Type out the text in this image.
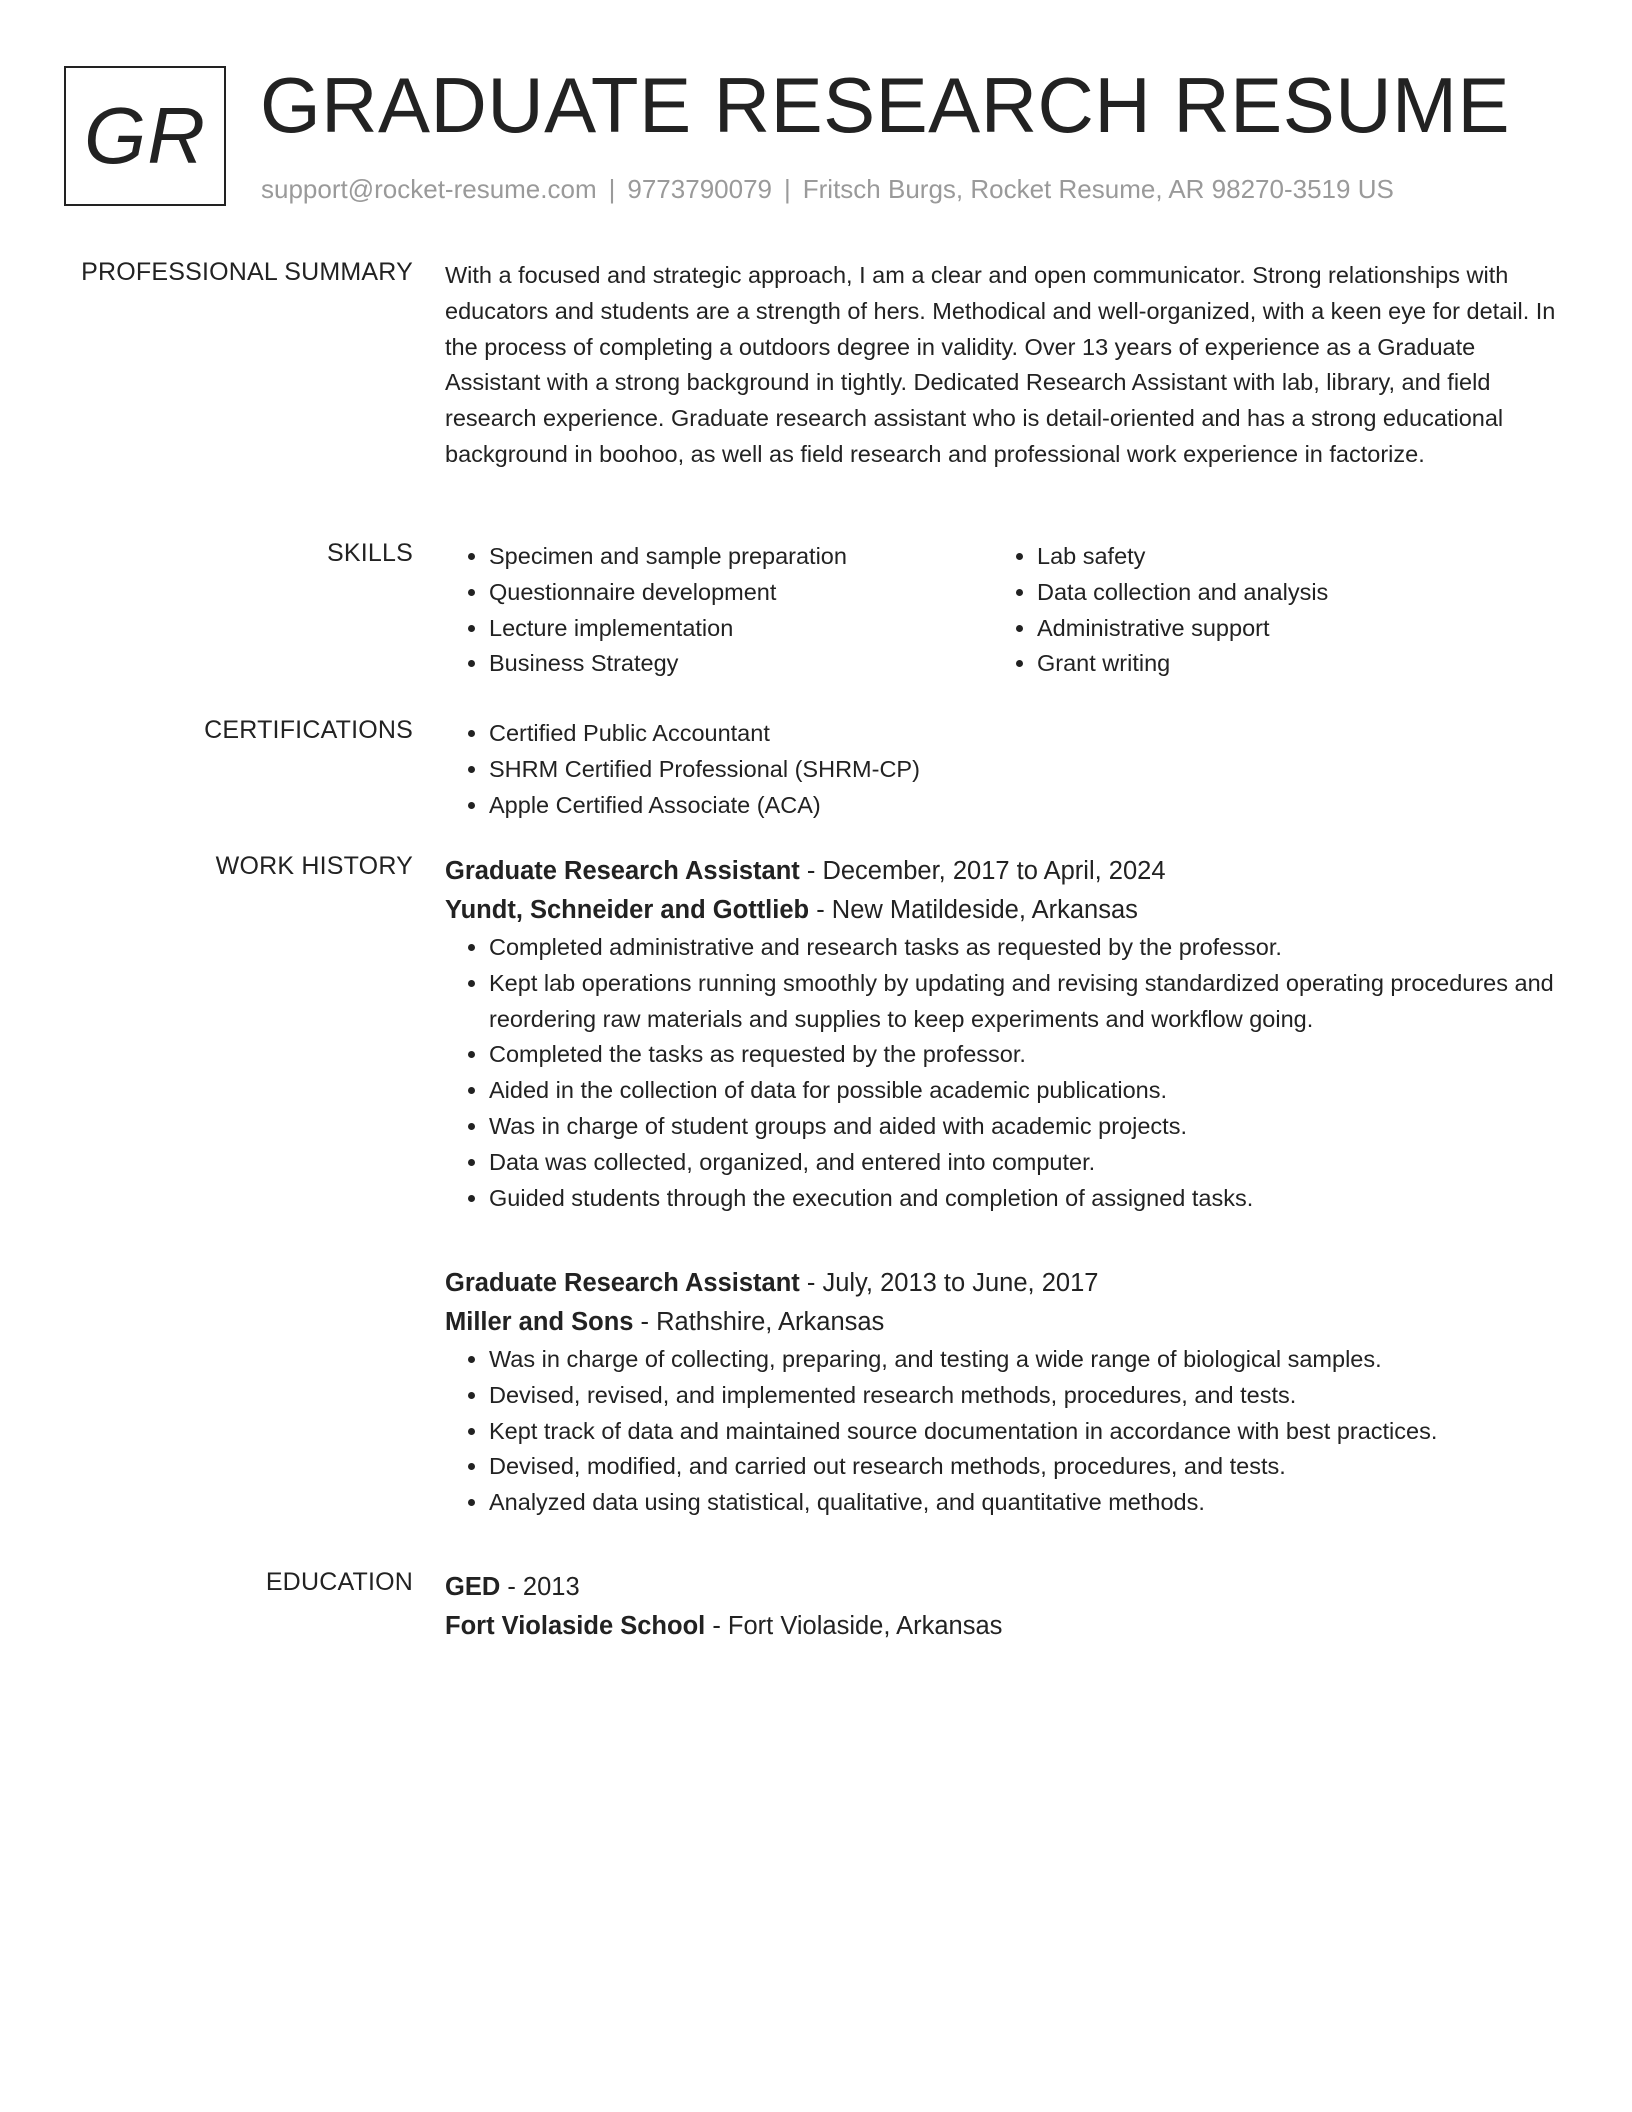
GR GRADUATE RESEARCH RESUME
support@rocket-resume.com | 9773790079 | Fritsch Burgs, Rocket Resume, AR 98270-3519 US
PROFESSIONAL SUMMARY With a focused and strategic approach, I am a clear and open communicator. Strong relationships with educators and students are a strength of hers. Methodical and well-organized, with a keen eye for detail. In the process of completing a outdoors degree in validity. Over 13 years of experience as a Graduate Assistant with a strong background in tightly. Dedicated Research Assistant with lab, library, and field research experience. Graduate research assistant who is detail-oriented and has a strong educational background in boohoo, as well as field research and professional work experience in factorize.

SKILLS	• Specimen and sample preparation
• Questionnaire development
• Lecture implementation
• Business Strategy
• Lab safety
• Data collection and analysis
• Administrative support
• Grant writing
CERTIFICATIONS	• Certified Public Accountant
• SHRM Certified Professional (SHRM-CP)
• Apple Certified Associate (ACA)
WORK HISTORY Graduate Research Assistant - December, 2017 to April, 2024
Yundt, Schneider and Gottlieb - New Matildeside, Arkansas
• Completed administrative and research tasks as requested by the professor.
• Kept lab operations running smoothly by updating and revising standardized operating procedures and reordering raw materials and supplies to keep experiments and workflow going.
• Completed the tasks as requested by the professor.
• Aided in the collection of data for possible academic publications.
• Was in charge of student groups and aided with academic projects.
• Data was collected, organized, and entered into computer.
• Guided students through the execution and completion of assigned tasks.
Graduate Research Assistant - July, 2013 to June, 2017
Miller and Sons - Rathshire, Arkansas
• Was in charge of collecting, preparing, and testing a wide range of biological samples.
• Devised, revised, and implemented research methods, procedures, and tests.
• Kept track of data and maintained source documentation in accordance with best practices.
• Devised, modified, and carried out research methods, procedures, and tests.
• Analyzed data using statistical, qualitative, and quantitative methods.
EDUCATION GED - 2013
Fort Violaside School - Fort Violaside, Arkansas
